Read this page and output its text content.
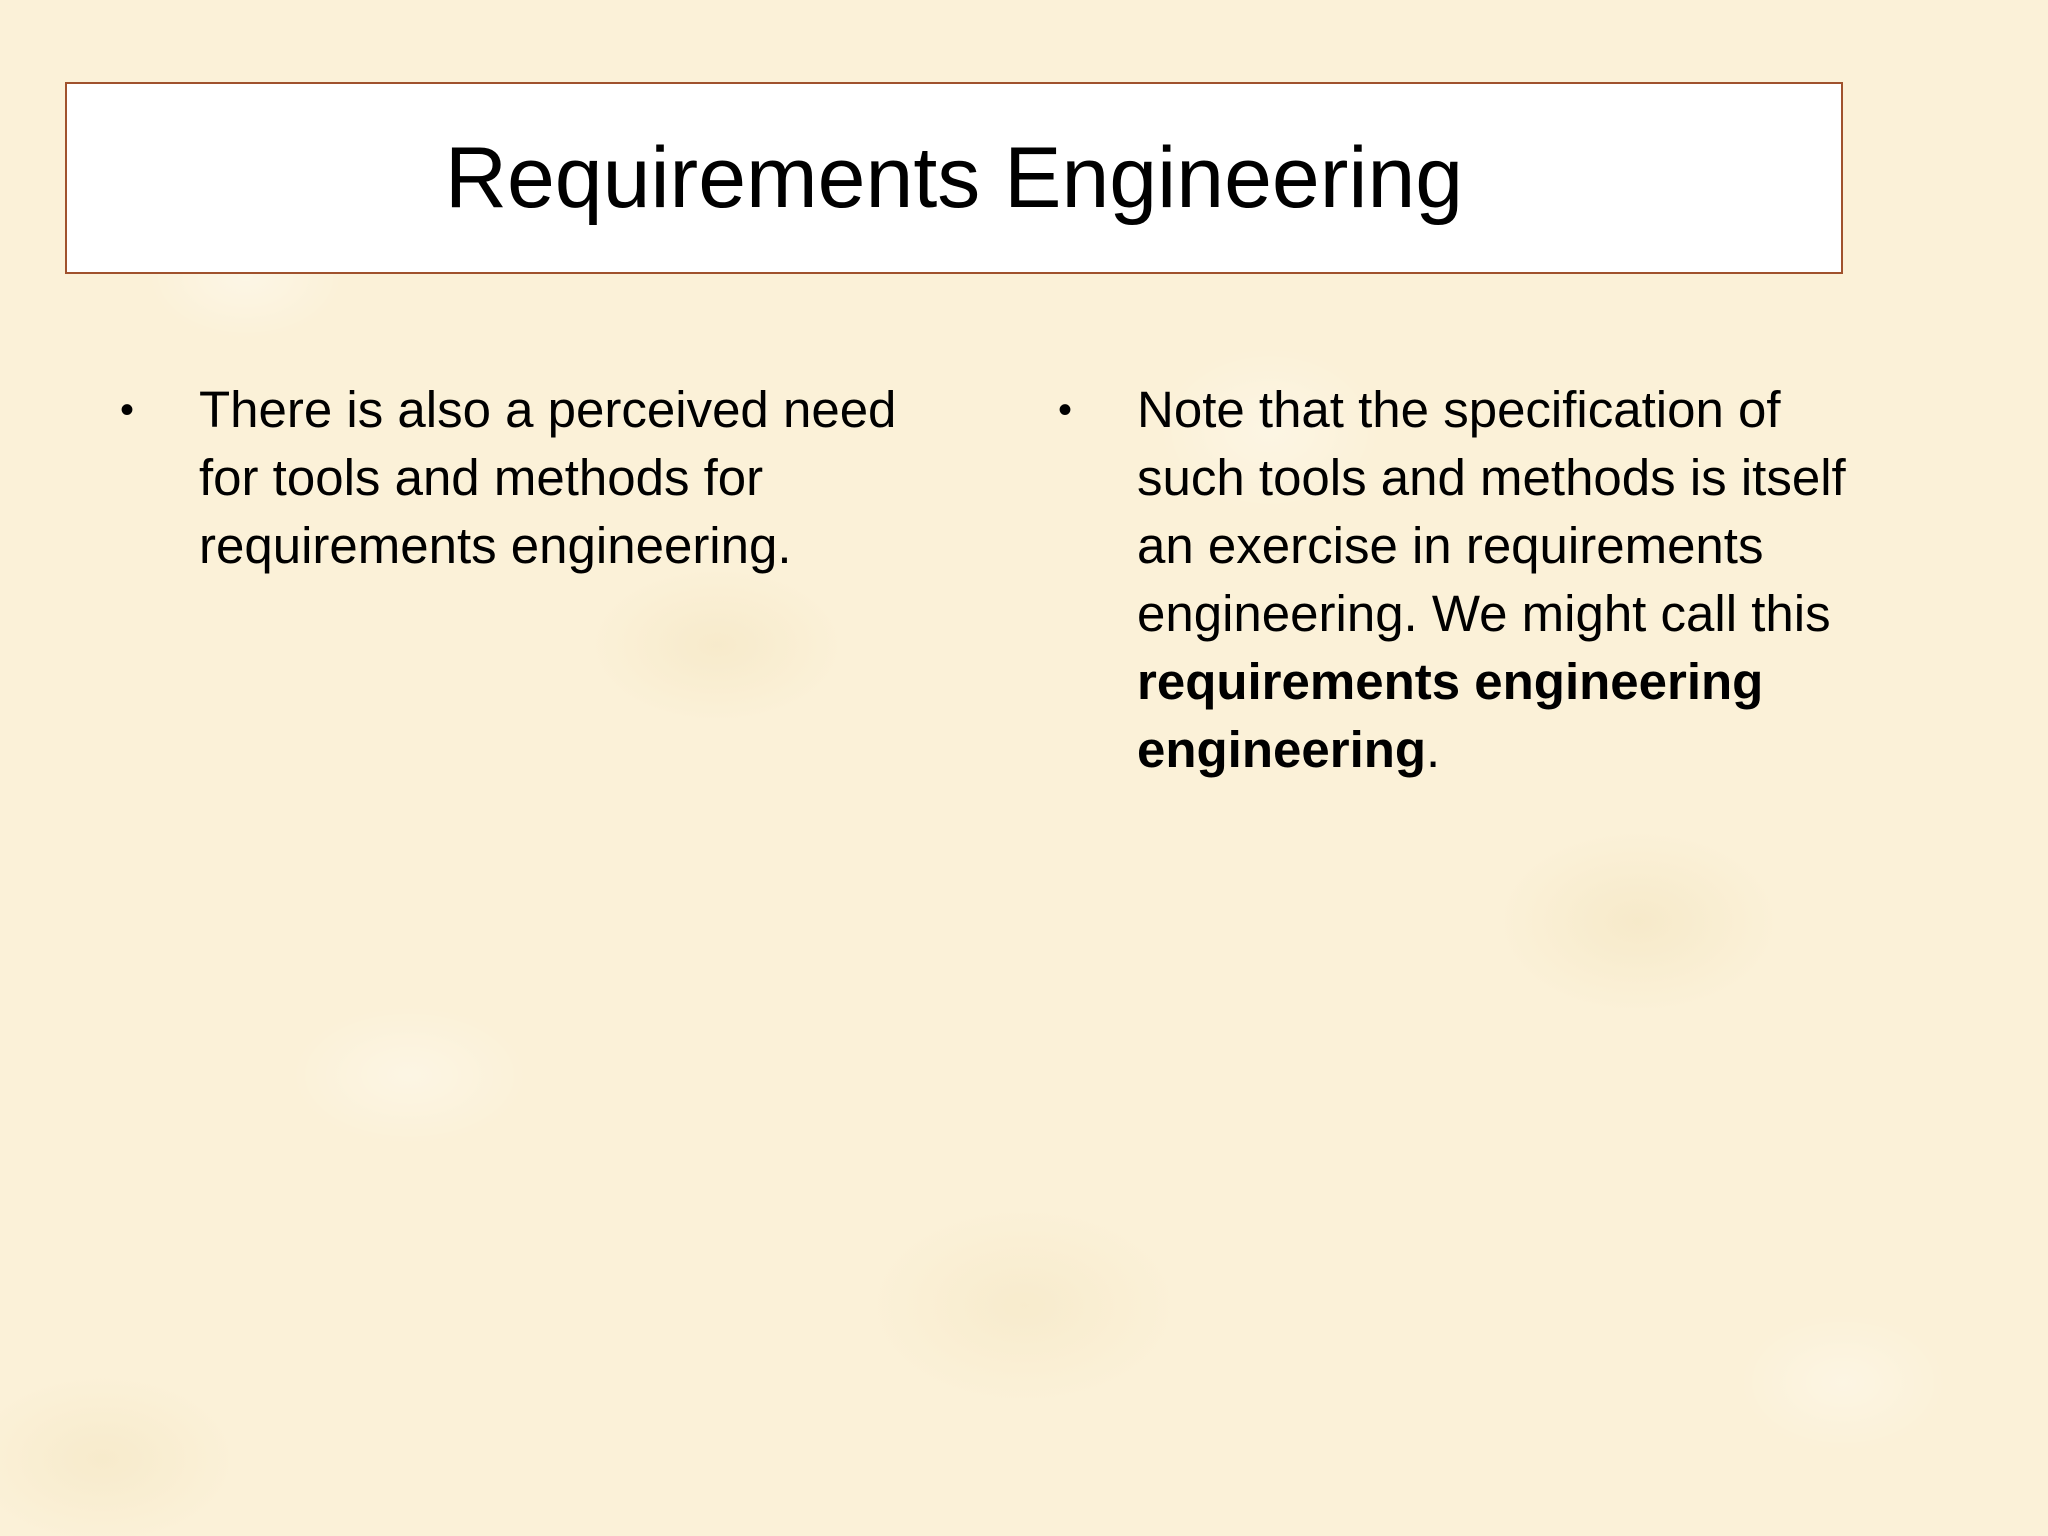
Requirements Engineering
•	There is also a perceived need
for tools and methods for
requirements engineering.
•	Note that the specification of
such tools and methods is itself
an exercise in requirements
engineering. We might call this
requirements engineering
engineering.
